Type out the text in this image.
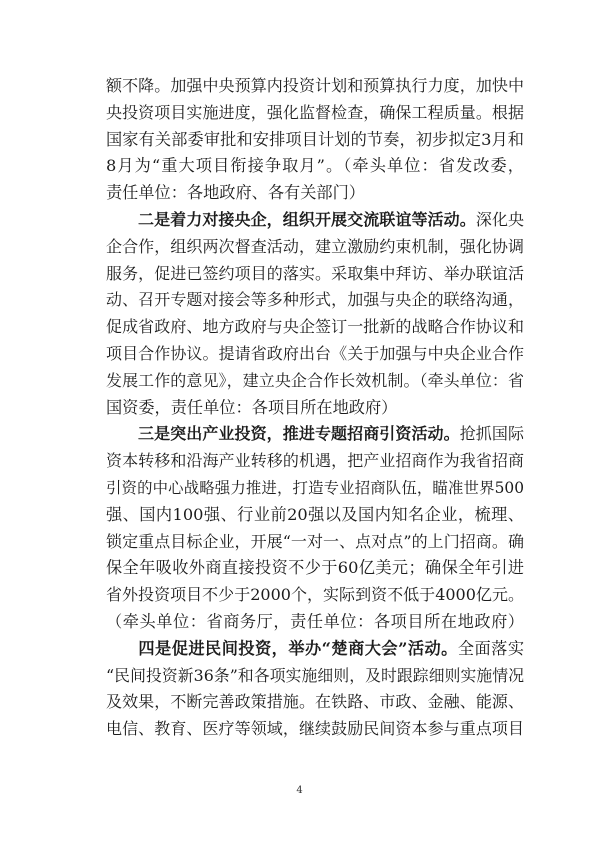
额不降。加强中央预算内投资计划和预算执行力度，加快中
央投资项目实施进度，强化监督检查，确保工程质量。根据
国家有关部委审批和安排项目计划的节奏，初步拟定3月和
8月为“重大项目衔接争取月”。（牵头单位：省发改委，
责任单位：各地政府、各有关部门）
二是着力对接央企，组织开展交流联谊等活动。深化央
企合作，组织两次督查活动，建立激励约束机制，强化协调
服务，促进已签约项目的落实。采取集中拜访、举办联谊活
动、召开专题对接会等多种形式，加强与央企的联络沟通，
促成省政府、地方政府与央企签订一批新的战略合作协议和
项目合作协议。提请省政府出台《关于加强与中央企业合作
发展工作的意见》，建立央企合作长效机制。（牵头单位：省
国资委，责任单位：各项目所在地政府）
三是突出产业投资，推进专题招商引资活动。抢抓国际
资本转移和沿海产业转移的机遇，把产业招商作为我省招商
引资的中心战略强力推进，打造专业招商队伍，瞄准世界500
强、国内100强、行业前20强以及国内知名企业，梳理、
锁定重点目标企业，开展“一对一、点对点”的上门招商。确
保全年吸收外商直接投资不少于60亿美元；确保全年引进
省外投资项目不少于2000个，实际到资不低于4000亿元。
（牵头单位：省商务厅，责任单位：各项目所在地政府）
四是促进民间投资，举办“楚商大会”活动。全面落实
“民间投资新36条”和各项实施细则，及时跟踪细则实施情况
及效果，不断完善政策措施。在铁路、市政、金融、能源、
电信、教育、医疗等领域，继续鼓励民间资本参与重点项目
4
